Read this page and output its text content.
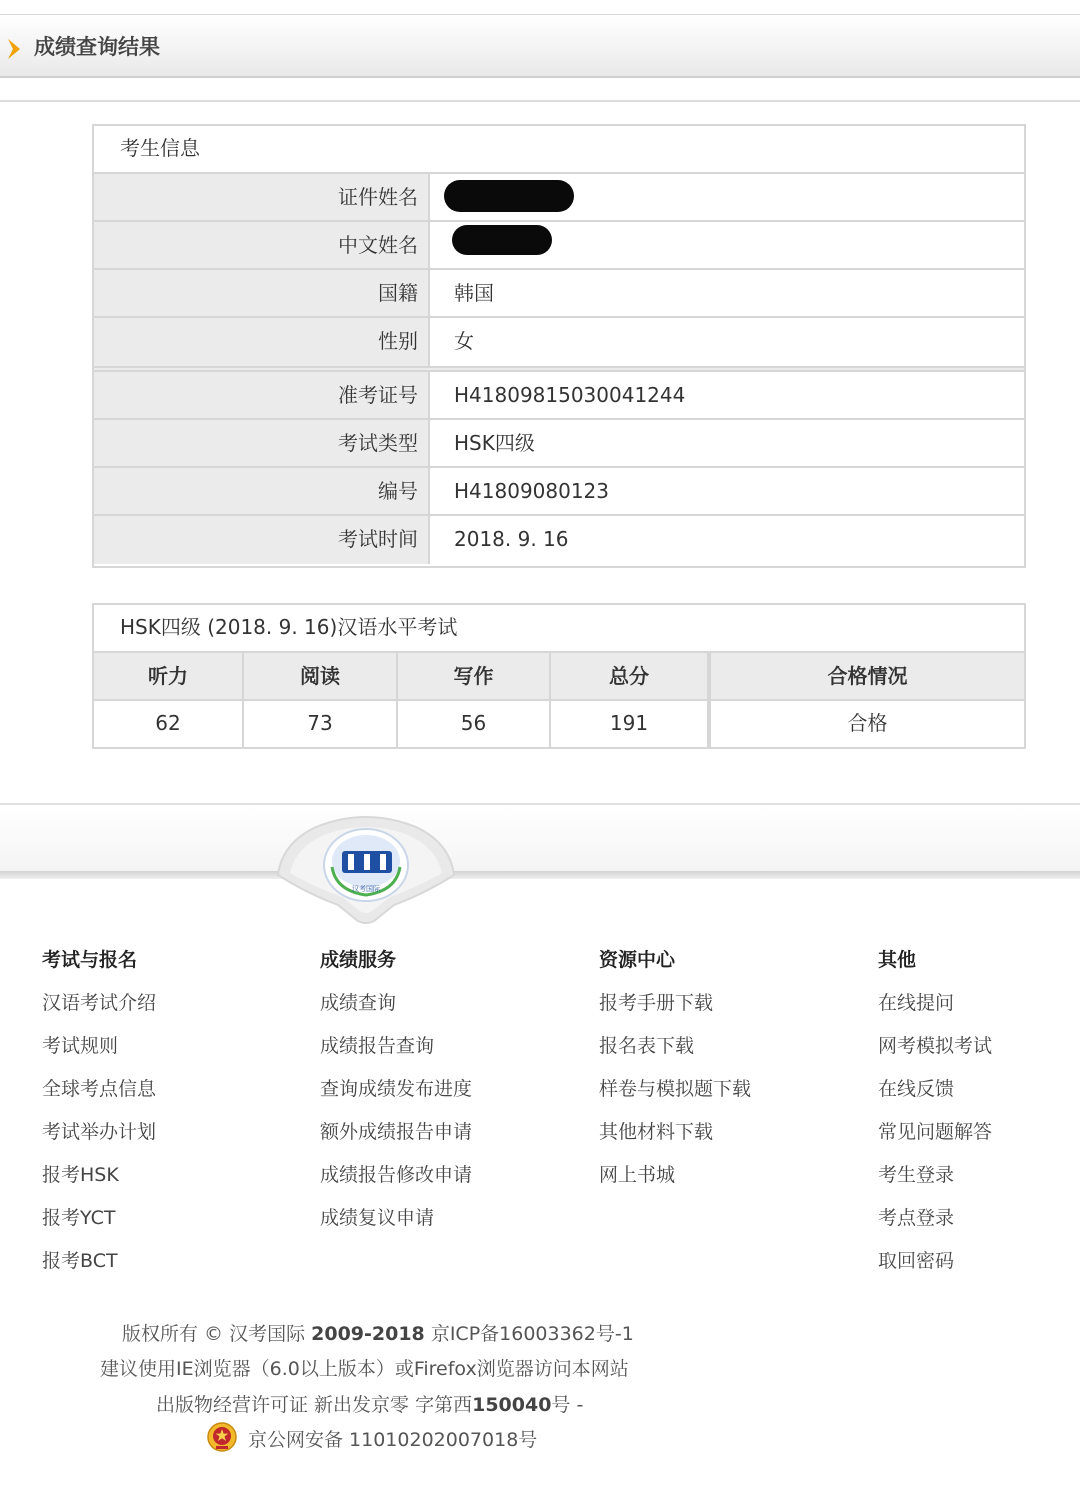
成绩查询结果
考生信息
证件姓名
中文姓名
国籍	韩国
性别	女
准考证号	H41809815030041244
考试类型	HSK四级
编号	H41809080123
考试时间	2018. 9. 16
HSK四级 (2018. 9. 16)汉语水平考试
听力	阅读	写作	总分	合格情况
62	73	56	191	合格
汉考国际
考试与报名
汉语考试介绍
考试规则
全球考点信息
考试举办计划
报考HSK
报考YCT
报考BCT
成绩服务
成绩查询
成绩报告查询
查询成绩发布进度
额外成绩报告申请
成绩报告修改申请
成绩复议申请
资源中心
报考手册下载
报名表下载
样卷与模拟题下载
其他材料下载
网上书城
其他
在线提问
网考模拟考试
在线反馈
常见问题解答
考生登录
考点登录
取回密码
版权所有 © 汉考国际 2009-2018 京ICP备16003362号-1
建议使用IE浏览器（6.0以上版本）或Firefox浏览器访问本网站
出版物经营许可证 新出发京零 字第西150040号 -
京公网安备 11010202007018号
